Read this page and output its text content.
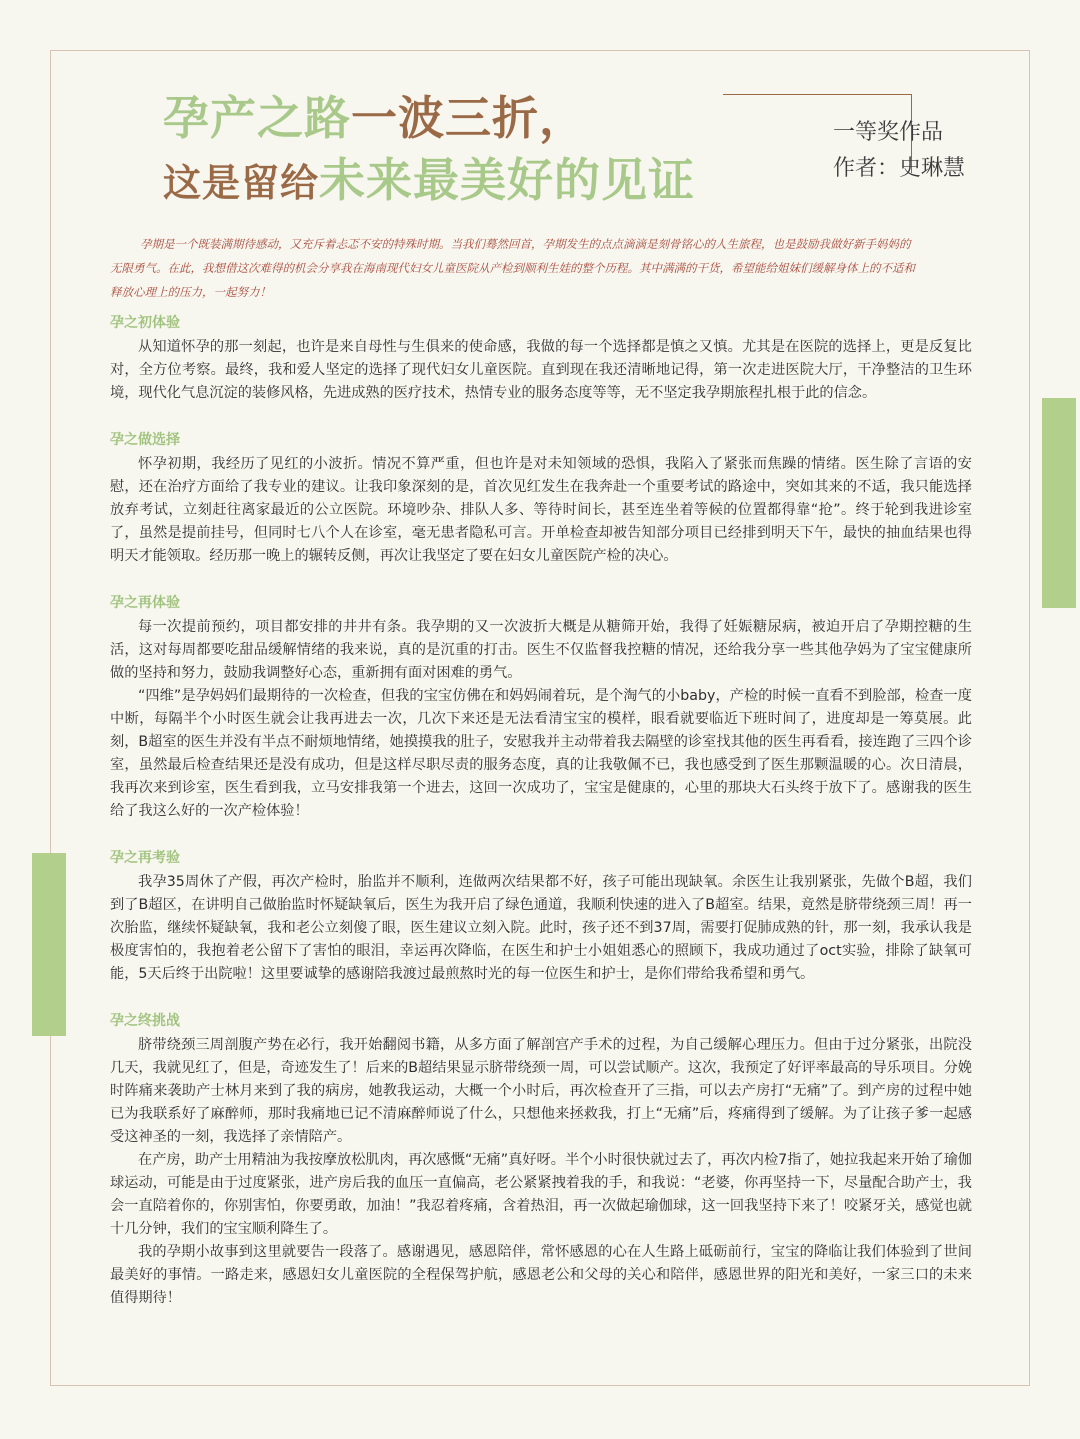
孕产之路一波三折，
这是留给未来最美好的见证
一等奖作品
作者：史琳慧
孕期是一个既装满期待感动，又充斥着忐忑不安的特殊时期。当我们蓦然回首，孕期发生的点点滴滴是刻骨铭心的人生旅程，也是鼓励我做好新手妈妈的无限勇气。在此，我想借这次难得的机会分享我在海南现代妇女儿童医院从产检到顺利生娃的整个历程。其中满满的干货，希望能给姐妹们缓解身体上的不适和释放心理上的压力，一起努力！
孕之初体验

从知道怀孕的那一刻起，也许是来自母性与生俱来的使命感，我做的每一个选择都是慎之又慎。尤其是在医院的选择上，更是反复比对，全方位考察。最终，我和爱人坚定的选择了现代妇女儿童医院。直到现在我还清晰地记得，第一次走进医院大厅，干净整洁的卫生环境，现代化气息沉淀的装修风格，先进成熟的医疗技术，热情专业的服务态度等等，无不坚定我孕期旅程扎根于此的信念。

孕之做选择

怀孕初期，我经历了见红的小波折。情况不算严重，但也许是对未知领域的恐惧，我陷入了紧张而焦躁的情绪。医生除了言语的安慰，还在治疗方面给了我专业的建议。让我印象深刻的是，首次见红发生在我奔赴一个重要考试的路途中，突如其来的不适，我只能选择放弃考试，立刻赶往离家最近的公立医院。环境吵杂、排队人多、等待时间长，甚至连坐着等候的位置都得靠“抢”。终于轮到我进诊室了，虽然是提前挂号，但同时七八个人在诊室，毫无患者隐私可言。开单检查却被告知部分项目已经排到明天下午，最快的抽血结果也得明天才能领取。经历那一晚上的辗转反侧，再次让我坚定了要在妇女儿童医院产检的决心。

孕之再体验

每一次提前预约，项目都安排的井井有条。我孕期的又一次波折大概是从糖筛开始，我得了妊娠糖尿病，被迫开启了孕期控糖的生活，这对每周都要吃甜品缓解情绪的我来说，真的是沉重的打击。医生不仅监督我控糖的情况，还给我分享一些其他孕妈为了宝宝健康所做的坚持和努力，鼓励我调整好心态，重新拥有面对困难的勇气。

“四维”是孕妈妈们最期待的一次检查，但我的宝宝仿佛在和妈妈闹着玩，是个淘气的小baby，产检的时候一直看不到脸部，检查一度中断，每隔半个小时医生就会让我再进去一次，几次下来还是无法看清宝宝的模样，眼看就要临近下班时间了，进度却是一筹莫展。此刻，B超室的医生并没有半点不耐烦地情绪，她摸摸我的肚子，安慰我并主动带着我去隔壁的诊室找其他的医生再看看，接连跑了三四个诊室，虽然最后检查结果还是没有成功，但是这样尽职尽责的服务态度，真的让我敬佩不已，我也感受到了医生那颗温暖的心。次日清晨，我再次来到诊室，医生看到我，立马安排我第一个进去，这回一次成功了，宝宝是健康的，心里的那块大石头终于放下了。感谢我的医生给了我这么好的一次产检体验！

孕之再考验

我孕35周休了产假，再次产检时，胎监并不顺利，连做两次结果都不好，孩子可能出现缺氧。余医生让我别紧张，先做个B超，我们到了B超区，在讲明自己做胎监时怀疑缺氧后，医生为我开启了绿色通道，我顺利快速的进入了B超室。结果，竟然是脐带绕颈三周！再一次胎监，继续怀疑缺氧，我和老公立刻傻了眼，医生建议立刻入院。此时，孩子还不到37周，需要打促肺成熟的针，那一刻，我承认我是极度害怕的，我抱着老公留下了害怕的眼泪，幸运再次降临，在医生和护士小姐姐悉心的照顾下，我成功通过了oct实验，排除了缺氧可能，5天后终于出院啦！这里要诚挚的感谢陪我渡过最煎熬时光的每一位医生和护士，是你们带给我希望和勇气。

孕之终挑战

脐带绕颈三周剖腹产势在必行，我开始翻阅书籍，从多方面了解剖宫产手术的过程，为自己缓解心理压力。但由于过分紧张，出院没几天，我就见红了，但是，奇迹发生了！后来的B超结果显示脐带绕颈一周，可以尝试顺产。这次，我预定了好评率最高的导乐项目。分娩时阵痛来袭助产士林月来到了我的病房，她教我运动，大概一个小时后，再次检查开了三指，可以去产房打“无痛”了。到产房的过程中她已为我联系好了麻醉师，那时我痛地已记不清麻醉师说了什么，只想他来拯救我，打上“无痛”后，疼痛得到了缓解。为了让孩子爹一起感受这神圣的一刻，我选择了亲情陪产。

在产房，助产士用精油为我按摩放松肌肉，再次感慨“无痛”真好呀。半个小时很快就过去了，再次内检7指了，她拉我起来开始了瑜伽球运动，可能是由于过度紧张，进产房后我的血压一直偏高，老公紧紧拽着我的手，和我说：“老婆，你再坚持一下，尽量配合助产士，我会一直陪着你的，你别害怕，你要勇敢，加油！”我忍着疼痛，含着热泪，再一次做起瑜伽球，这一回我坚持下来了！咬紧牙关，感觉也就十几分钟，我们的宝宝顺利降生了。

我的孕期小故事到这里就要告一段落了。感谢遇见，感恩陪伴，常怀感恩的心在人生路上砥砺前行，宝宝的降临让我们体验到了世间最美好的事情。一路走来，感恩妇女儿童医院的全程保驾护航，感恩老公和父母的关心和陪伴，感恩世界的阳光和美好，一家三口的未来值得期待！
